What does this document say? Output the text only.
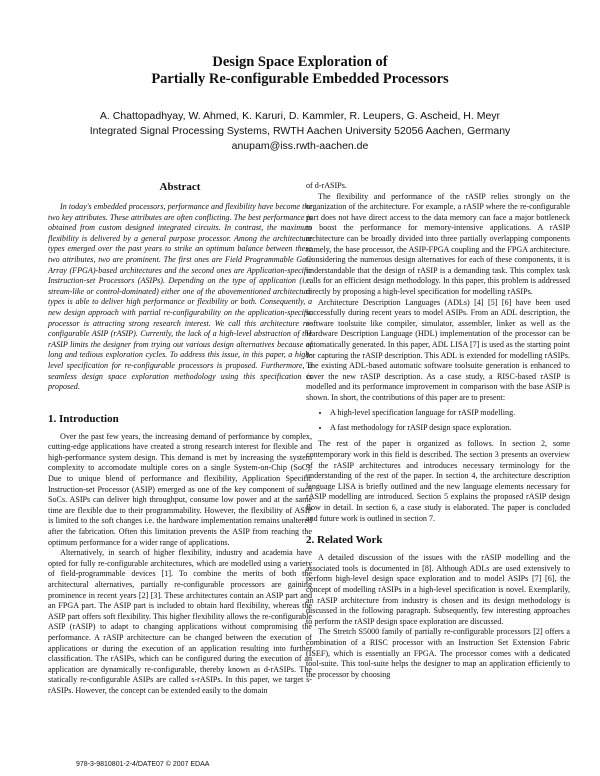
Design Space Exploration of
Partially Re-configurable Embedded Processors
A. Chattopadhyay, W. Ahmed, K. Karuri, D. Kammler, R. Leupers, G. Ascheid, H. Meyr
Integrated Signal Processing Systems, RWTH Aachen University 52056 Aachen, Germany
anupam@iss.rwth-aachen.de
Abstract

In today's embedded processors, performance and flexibility have become the two key attributes. These attributes are often conflicting. The best performance is obtained from custom designed integrated circuits. In contrast, the maximum flexibility is delivered by a general purpose processor. Among the architecture types emerged over the past years to strike an optimum balance between these two attributes, two are prominent. The first ones are Field Programmable Gate Array (FPGA)-based architectures and the second ones are Application-specific Instruction-set Processors (ASIPs). Depending on the type of application (i.e. stream-like or control-dominated) either one of the abovementioned architecture types is able to deliver high performance or flexibility or both. Consequently, a new design approach with partial re-configurability on the application-specific processor is attracting strong research interest. We call this architecture re-configurable ASIP (rASIP). Currently, the lack of a high-level abstraction of the rASIP limits the designer from trying out various design alternatives because of long and tedious exploration cycles. To address this issue, in this paper, a high-level specification for re-configurable processors is proposed. Furthermore, a seamless design space exploration methodology using this specification is proposed.

1. Introduction

Over the past few years, the increasing demand of performance by complex, cutting-edge applications have created a strong research interest for flexible and high-performance system design. This demand is met by increasing the system complexity to accomodate multiple cores on a single System-on-Chip (SoC). Due to unique blend of performance and flexibility, Application Specific Instruction-set Processor (ASIP) emerged as one of the key component of such SoCs. ASIPs can deliver high throughput, consume low power and at the same time are flexible due to their programmability. However, the flexibility of ASIP is limited to the soft changes i.e. the hardware implementation remains unaltered after the fabrication. Often this limitation prevents the ASIP from reaching the optimum performance for a wider range of applications.

Alternatively, in search of higher flexibility, industry and academia have opted for fully re-configurable architectures, which are modelled using a variety of field-programmable devices [1]. To combine the merits of both the architectural alternatives, partially re-configurable processors are gaining prominence in recent years [2] [3]. These architectures contain an ASIP part and an FPGA part. The ASIP part is included to obtain hard flexibility, whereas the ASIP part offers soft flexibility. This higher flexibility allows the re-configurable ASIP (rASIP) to adapt to changing applications without compromising the performance. A rASIP architecture can be changed between the execution of applications or during the execution of an application resulting into further classification. The rASIPs, which can be configured during the execution of an application are dynamically re-configurable, thereby known as d-rASIPs. The statically re-configurable ASIPs are called s-rASIPs. In this paper, we target s-rASIPs. However, the concept can be extended easily to the domain

of d-rASIPs.

The flexibility and performance of the rASIP relies strongly on the organization of the architecture. For example, a rASIP where the re-configurable part does not have direct access to the data memory can face a major bottleneck to boost the performance for memory-intensive applications. A rASIP architecture can be broadly divided into three partially overlapping components namely, the base processor, the ASIP-FPGA coupling and the FPGA architecture. Considering the numerous design alternatives for each of these components, it is understandable that the design of rASIP is a demanding task. This complex task calls for an efficient design methodology. In this paper, this problem is addressed directly by proposing a high-level specification for modelling rASIPs.

Architecture Description Languages (ADLs) [4] [5] [6] have been used successfully during recent years to model ASIPs. From an ADL description, the software toolsuite like compiler, simulator, assembler, linker as well as the Hardware Description Language (HDL) implementation of the processor can be automatically generated. In this paper, ADL LISA [7] is used as the starting point for capturing the rASIP description. This ADL is extended for modelling rASIPs. The existing ADL-based automatic software toolsuite generation is enhanced to cover the new rASIP description. As a case study, a RISC-based rASIP is modelled and its performance improvement in comparison with the base ASIP is shown. In short, the contributions of this paper are to present:

• A high-level specification language for rASIP modelling.
• A fast methodology for rASIP design space exploration.

The rest of the paper is organized as follows. In section 2, some contemporary work in this field is described. The section 3 presents an overview of the rASIP architectures and introduces necessary terminology for the understanding of the rest of the paper. In section 4, the architecture description language LISA is briefly outlined and the new language elements necessary for rASIP modelling are introduced. Section 5 explains the proposed rASIP design flow in detail. In section 6, a case study is elaborated. The paper is concluded and future work is outlined in section 7.

2. Related Work

A detailed discussion of the issues with the rASIP modelling and the associated tools is documented in [8]. Although ADLs are used extensively to perform high-level design space exploration and to model ASIPs [7] [6], the concept of modelling rASIPs in a high-level specification is novel. Exemplarily, an rASIP architecture from industry is chosen and its design methodology is discussed in the following paragraph. Subsequently, few interesting approaches to perform the rASIP design space exploration are discussed.

The Stretch S5000 family of partially re-configurable processors [2] offers a combination of a RISC processor with an Instruction Set Extension Fabric (ISEF), which is essentially an FPGA. The processor comes with a dedicated tool-suite. This tool-suite helps the designer to map an application efficiently to the processor by choosing

978-3-9810801-2-4/DATE07 © 2007 EDAA
